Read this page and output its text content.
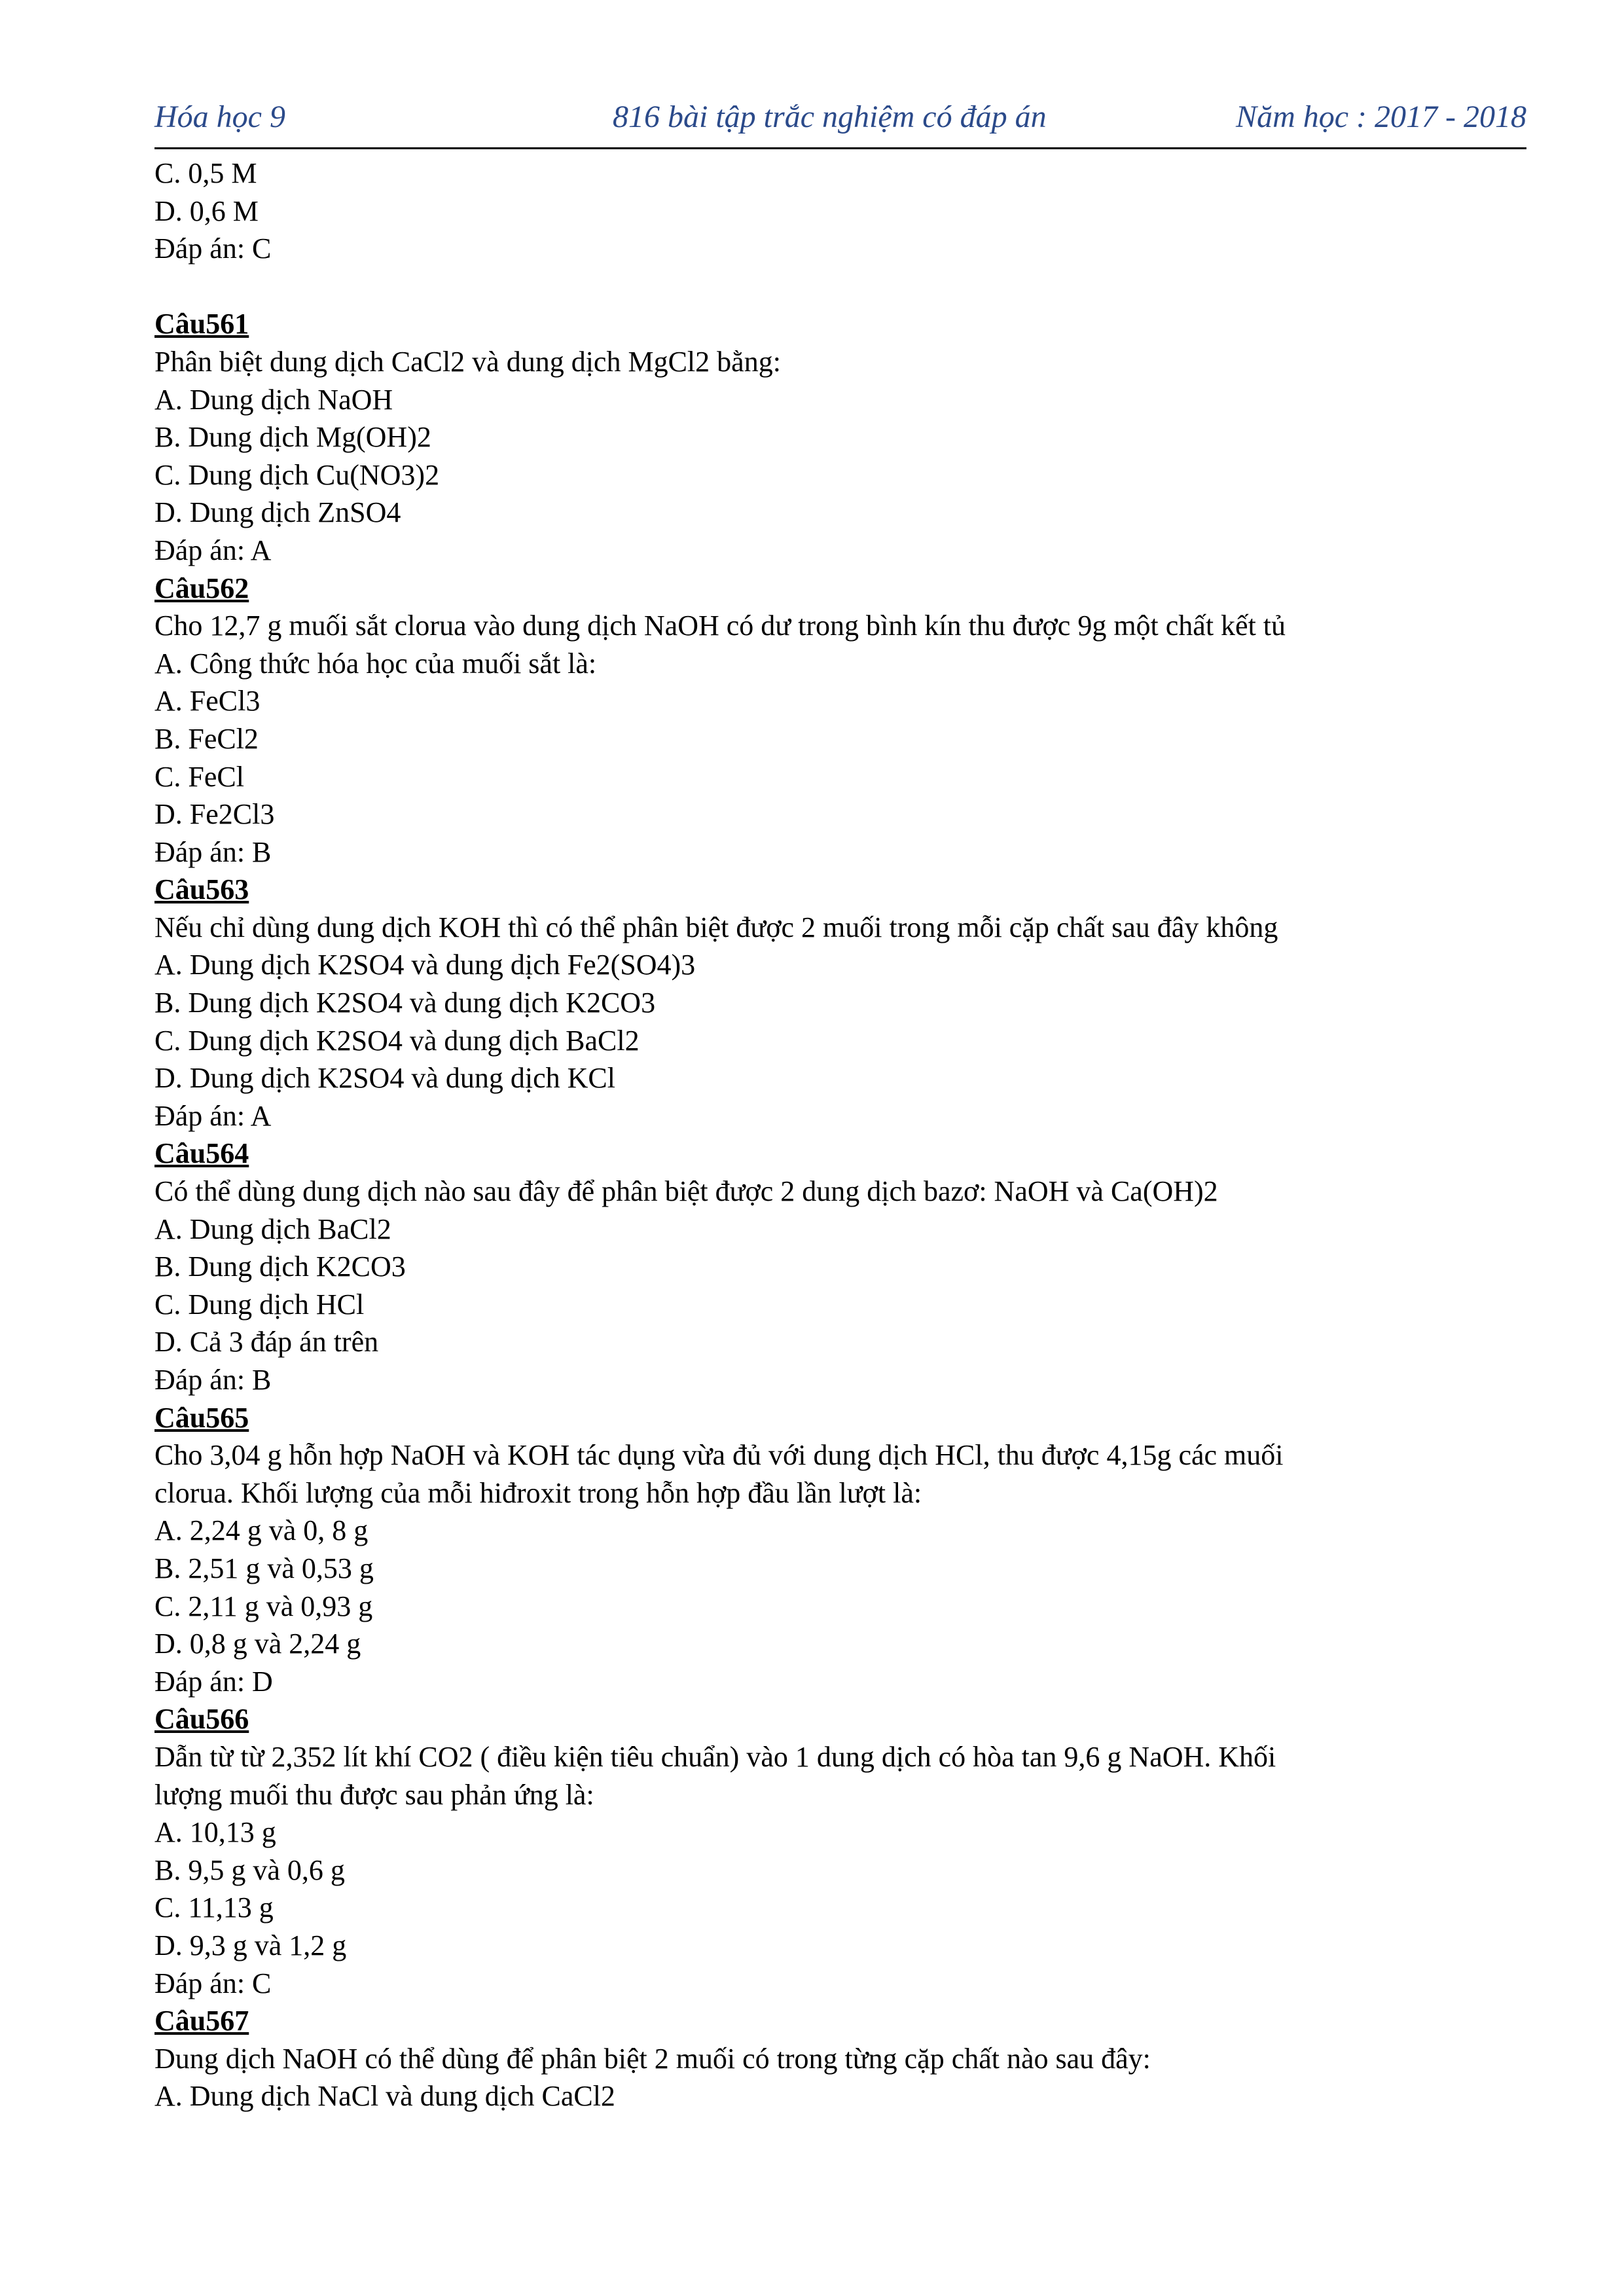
Hóa học 9	816 bài tập trắc nghiệm có đáp án	Năm học : 2017 - 2018
C. 0,5 M
D. 0,6 M
Đáp án: C
Câu561
Phân biệt dung dịch CaCl2 và dung dịch MgCl2 bằng:
A. Dung dịch NaOH
B. Dung dịch Mg(OH)2
C. Dung dịch Cu(NO3)2
D. Dung dịch ZnSO4
Đáp án: A
Câu562
Cho 12,7 g muối sắt clorua vào dung dịch NaOH có dư trong bình kín thu được 9g một chất kết tủ
A. Công thức hóa học của muối sắt là:
A. FeCl3
B. FeCl2
C. FeCl
D. Fe2Cl3
Đáp án: B
Câu563
Nếu chỉ dùng dung dịch KOH thì có thể phân biệt được 2 muối trong mỗi cặp chất sau đây không
A. Dung dịch K2SO4 và dung dịch Fe2(SO4)3
B. Dung dịch K2SO4 và dung dịch K2CO3
C. Dung dịch K2SO4 và dung dịch BaCl2
D. Dung dịch K2SO4 và dung dịch KCl
Đáp án: A
Câu564
Có thể dùng dung dịch nào sau đây để phân biệt được 2 dung dịch bazơ: NaOH và Ca(OH)2
A. Dung dịch BaCl2
B. Dung dịch K2CO3
C. Dung dịch HCl
D. Cả 3 đáp án trên
Đáp án: B
Câu565
Cho 3,04 g hỗn hợp NaOH và KOH tác dụng vừa đủ với dung dịch HCl, thu được 4,15g các muối
clorua. Khối lượng của mỗi hiđroxit trong hỗn hợp đầu lần lượt là:
A. 2,24 g và 0, 8 g
B. 2,51 g và 0,53 g
C. 2,11 g và 0,93 g
D. 0,8 g và 2,24 g
Đáp án: D
Câu566
Dẫn từ từ 2,352 lít khí CO2 ( điều kiện tiêu chuẩn) vào 1 dung dịch có hòa tan 9,6 g NaOH. Khối
lượng muối thu được sau phản ứng là:
A. 10,13 g
B. 9,5 g và 0,6 g
C. 11,13 g
D. 9,3 g và 1,2 g
Đáp án: C
Câu567
Dung dịch NaOH có thể dùng để phân biệt 2 muối có trong từng cặp chất nào sau đây:
A. Dung dịch NaCl và dung dịch CaCl2
